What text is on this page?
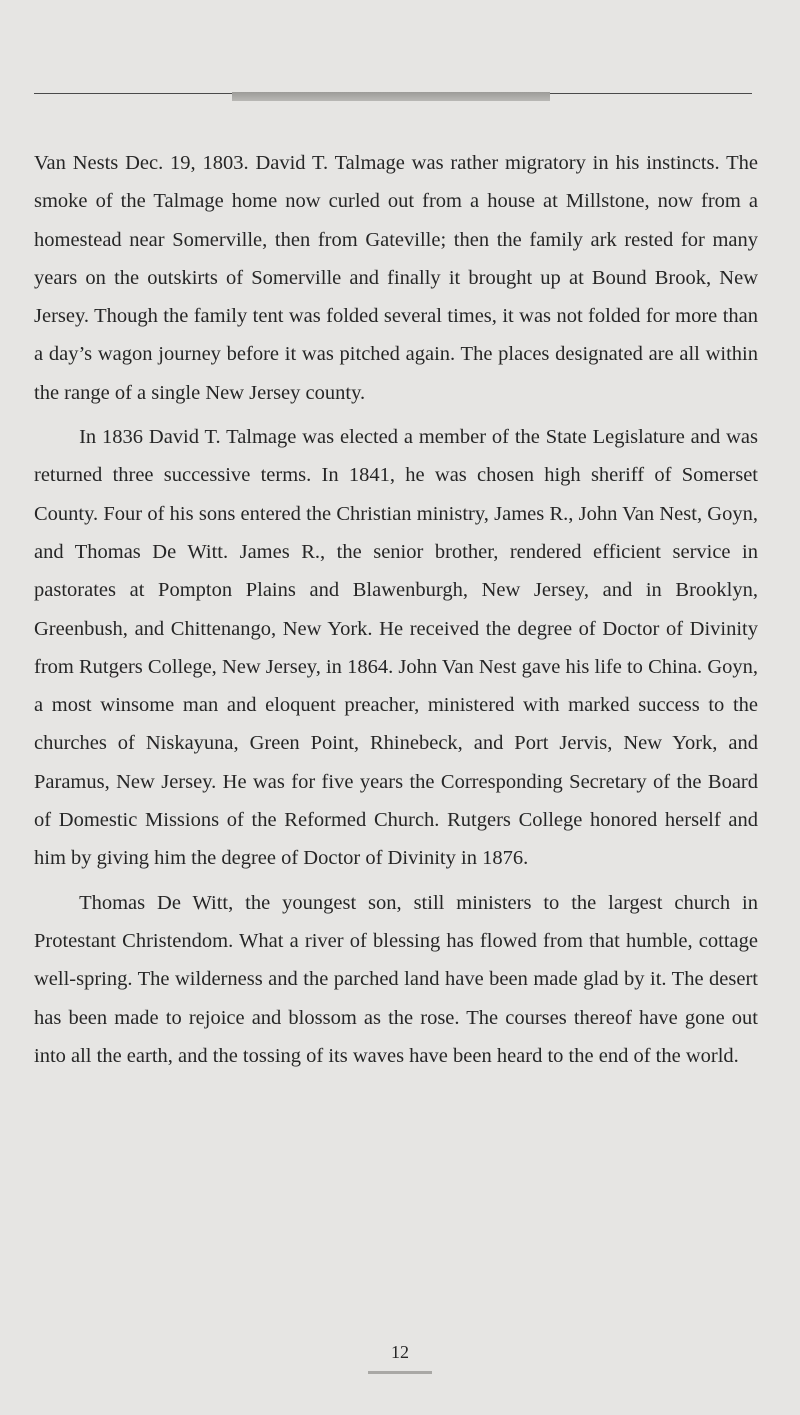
Van Nests Dec. 19, 1803. David T. Talmage was rather migratory in his instincts. The smoke of the Talmage home now curled out from a house at Millstone, now from a homestead near Somerville, then from Gateville; then the family ark rested for many years on the outskirts of Somerville and finally it brought up at Bound Brook, New Jersey. Though the family tent was folded several times, it was not folded for more than a day’s wagon journey before it was pitched again. The places designated are all within the range of a single New Jersey county.

In 1836 David T. Talmage was elected a member of the State Legislature and was returned three successive terms. In 1841, he was chosen high sheriff of Somerset County. Four of his sons entered the Christian ministry, James R., John Van Nest, Goyn, and Thomas De Witt. James R., the senior brother, rendered efficient service in pastorates at Pompton Plains and Blawenburgh, New Jersey, and in Brooklyn, Greenbush, and Chittenango, New York. He received the degree of Doctor of Divinity from Rutgers College, New Jersey, in 1864. John Van Nest gave his life to China. Goyn, a most winsome man and eloquent preacher, ministered with marked success to the churches of Niskayuna, Green Point, Rhinebeck, and Port Jervis, New York, and Paramus, New Jersey. He was for five years the Corresponding Secretary of the Board of Domestic Missions of the Reformed Church. Rutgers College honored herself and him by giving him the degree of Doctor of Divinity in 1876.

Thomas De Witt, the youngest son, still ministers to the largest church in Protestant Christendom. What a river of blessing has flowed from that humble, cottage well-spring. The wilderness and the parched land have been made glad by it. The desert has been made to rejoice and blossom as the rose. The courses thereof have gone out into all the earth, and the tossing of its waves have been heard to the end of the world.

12
